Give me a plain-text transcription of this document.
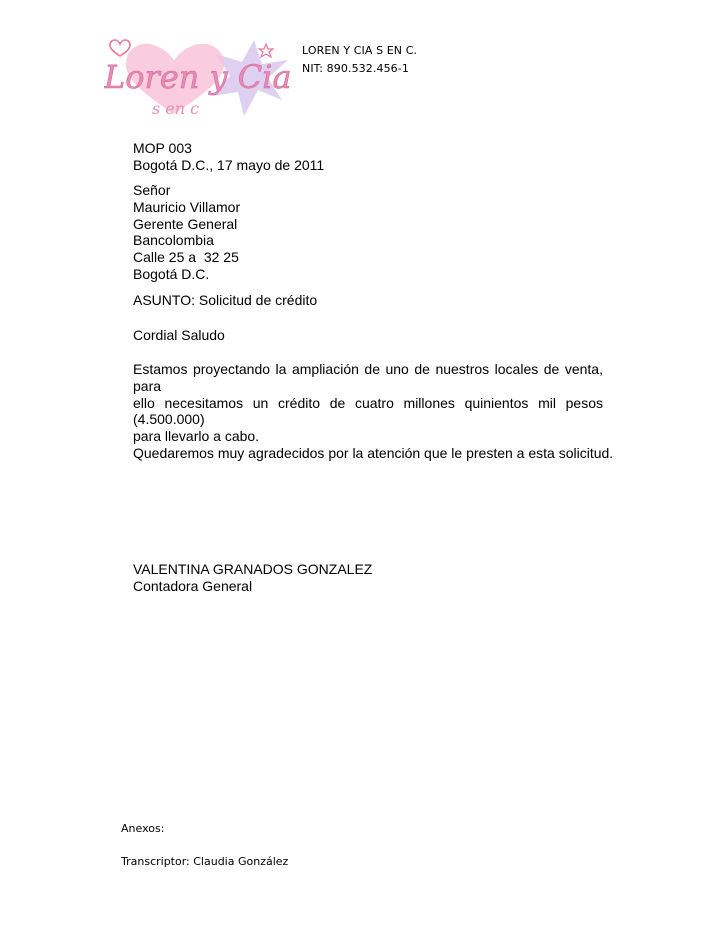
Loren y Cia
s en c
LOREN Y CIA S EN C.
NIT: 890.532.456-1
MOP 003
Bogotá D.C., 17 mayo de 2011
Señor
Mauricio Villamor
Gerente General
Bancolombia
Calle 25 a  32 25
Bogotá D.C.
ASUNTO: Solicitud de crédito
Cordial Saludo
Estamos proyectando la ampliación de uno de nuestros locales de venta, para
ello necesitamos un crédito de cuatro millones quinientos mil pesos (4.500.000)
para llevarlo a cabo.
Quedaremos muy agradecidos por la atención que le presten a esta solicitud.
VALENTINA GRANADOS GONZALEZ
Contadora General
Anexos:
Transcriptor: Claudia González
